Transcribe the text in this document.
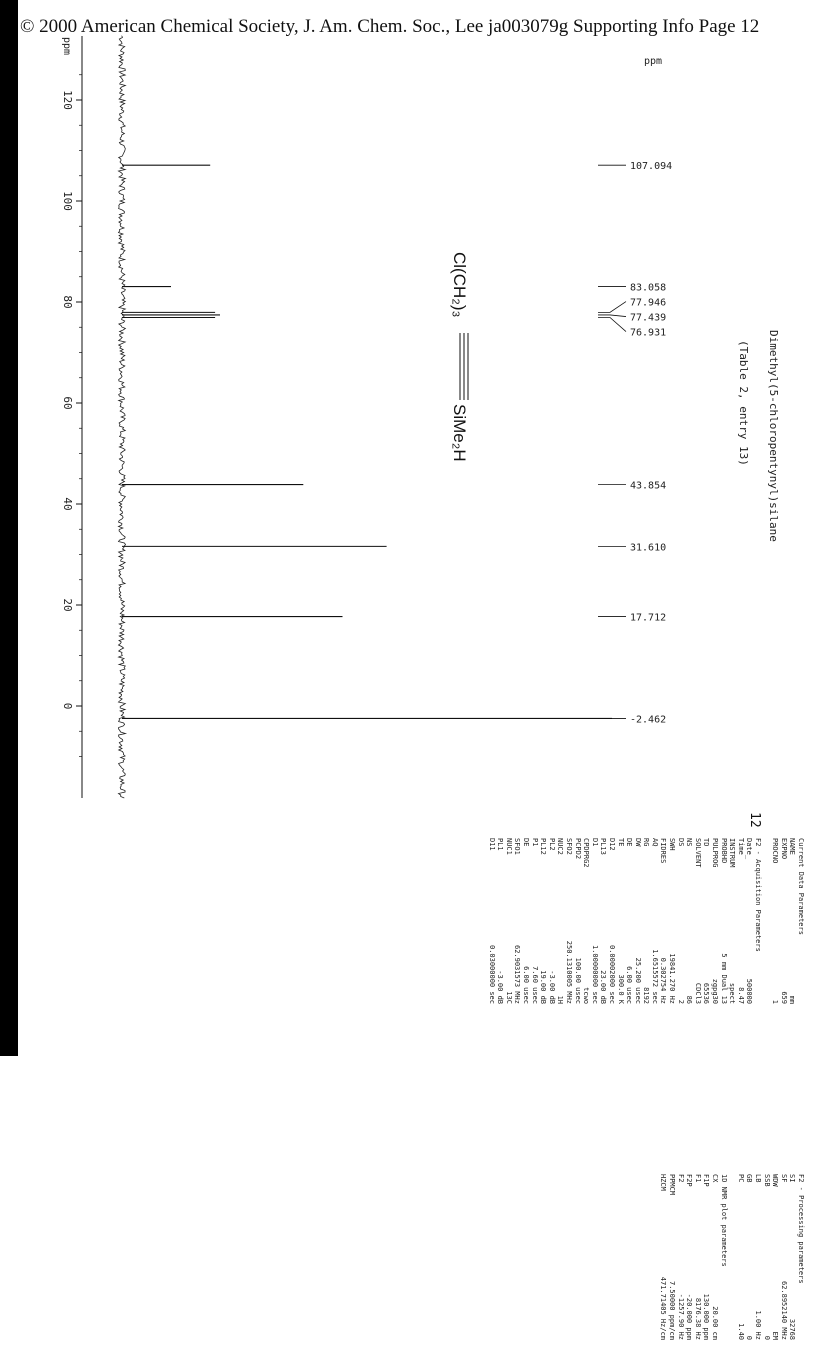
© 2000 American Chemical Society, J. Am. Chem. Soc., Lee ja003079g Supporting Info Page 12
120
100
80
60
40
20
0
ppm
107.094
83.058
77.946
77.439
76.931
43.854
31.610
17.712
-2.462
Cl(CH₂)₃
SiMe₂H	Dimethyl(5-chloropentynyl)silane
(Table 2, entry 13)
ppm
12
Current Data Parameters
NAME
mm
EXPNO
659
PROCNO
1

F2 - Acquisition Parameters
Date_
500000
Time
8.47
INSTRUM
spect
PROBHD
5 mm Dual 13
PULPROG
zgpg30
TD
65536
SOLVENT
CDCl3
NS
86
DS
2
SWH
19841.270 Hz
FIDRES
0.302754 Hz
AQ
1.6515572 sec
RG
8192
DW
25.200 usec
DE
6.00 usec
TE
300.0 K
D12
0.00002000 sec
PL13
23.00 dB
D1
1.00000000 sec
CPDPRG2
tcwo
PCPD2
100.00 usec
SFO2
250.1310005 MHz
NUC2
1H
PL2
-3.00 dB
PL12
19.00 dB
P1
7.60 usec
DE
6.00 usec
SFO1
62.9031573 MHz
NUC1
13C
PL1
-3.00 dB
D11
0.03000000 sec
F2 - Processing parameters
SI
32768
SF
62.8952140 MHz
WDW
EM
SSB
0
LB
1.00 Hz
GB
0
PC
1.40

1D NMR plot parameters
CX
20.00 cm
F1P
130.000 ppm
F1
8176.38 Hz
F2P
-20.000 ppm
F2
-1257.90 Hz
PPMCM
7.50000 ppm/cm
HZCM
471.71405 Hz/cm
